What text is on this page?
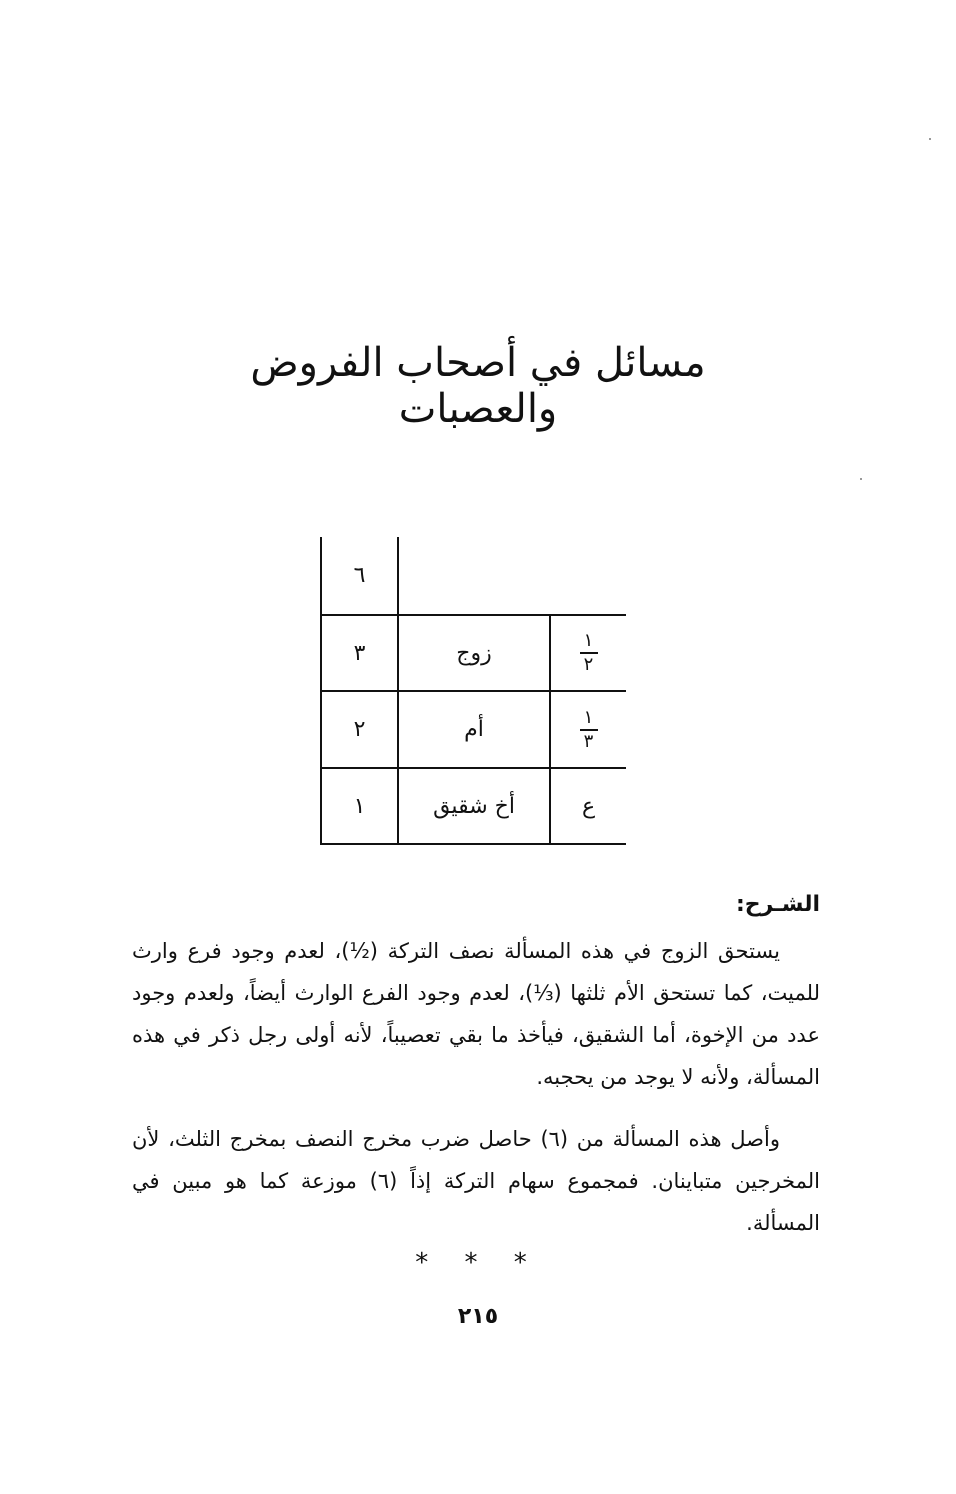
مسائل في أصحاب الفروض والعصبات
٦
٣	زوج	$\frac{١}{٢}$
٢	أم	$\frac{١}{٣}$
١	أخ شقيق	ع
الشـرح:
يستحق الزوج في هذه المسألة نصف التركة (½)، لعدم وجود فرع وارث للميت، كما تستحق الأم ثلثها (⅓)، لعدم وجود الفرع الوارث أيضاً، ولعدم وجود عدد من الإخوة، أما الشقيق، فيأخذ ما بقي تعصيباً، لأنه أولى رجل ذكر في هذه المسألة، ولأنه لا يوجد من يحجبه.
وأصل هذه المسألة من (٦) حاصل ضرب مخرج النصف بمخرج الثلث، لأن المخرجين متباينان. فمجموع سهام التركة إذاً (٦) موزعة كما هو مبين في المسألة.
* * *
٢١٥
